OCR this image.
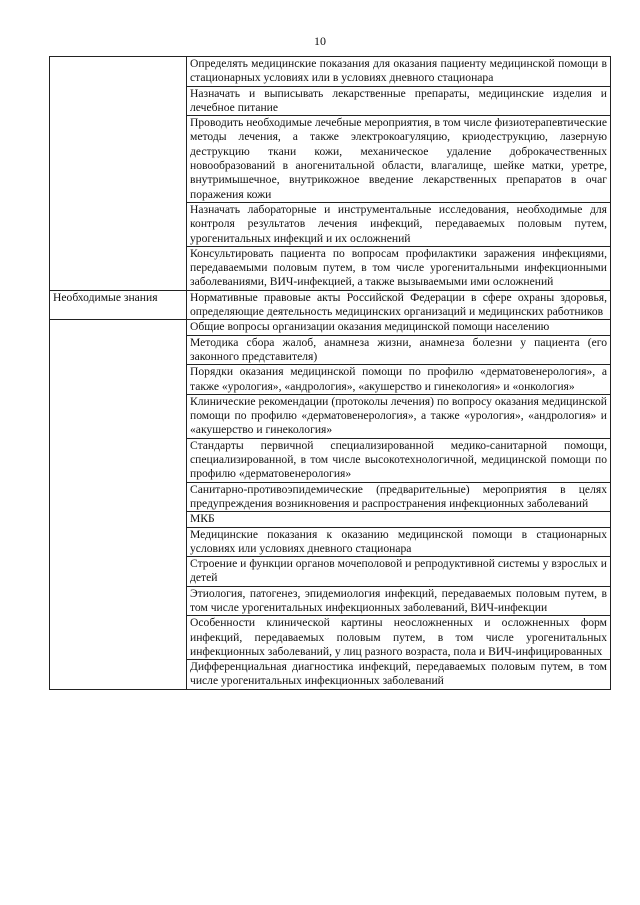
10
	Определять медицинские показания для оказания пациенту медицинской помощи в стационарных условиях или в условиях дневного стационара
	Назначать и выписывать лекарственные препараты, медицинские изделия и лечебное питание
	Проводить необходимые лечебные мероприятия, в том числе физиотерапевтические методы лечения, а также электрокоагуляцию, криодеструкцию, лазерную деструкцию ткани кожи, механическое удаление доброкачественных новообразований в аногенитальной области, влагалище, шейке матки, уретре, внутримышечное, внутрикожное введение лекарственных препаратов в очаг поражения кожи
	Назначать лабораторные и инструментальные исследования, необходимые для контроля результатов лечения инфекций, передаваемых половым путем, урогенитальных инфекций и их осложнений
	Консультировать пациента по вопросам профилактики заражения инфекциями, передаваемыми половым путем, в том числе урогенитальными инфекционными заболеваниями, ВИЧ-инфекцией, а также вызываемыми ими осложнений
Необходимые знания	Нормативные правовые акты Российской Федерации в сфере охраны здоровья, определяющие деятельность медицинских организаций и медицинских работников
	Общие вопросы организации оказания медицинской помощи населению
	Методика сбора жалоб, анамнеза жизни, анамнеза болезни у пациента (его законного представителя)
	Порядки оказания медицинской помощи по профилю «дерматовенерология», а также «урология», «андрология», «акушерство и гинекология» и «онкология»
	Клинические рекомендации (протоколы лечения) по вопросу оказания медицинской помощи по профилю «дерматовенерология», а также «урология», «андрология» и «акушерство и гинекология»
	Стандарты первичной специализированной медико-санитарной помощи, специализированной, в том числе высокотехнологичной, медицинской помощи по профилю «дерматовенерология»
	Санитарно-противоэпидемические (предварительные) мероприятия в целях предупреждения возникновения и распространения инфекционных заболеваний
	МКБ
	Медицинские показания к оказанию медицинской помощи в стационарных условиях или условиях дневного стационара
	Строение и функции органов мочеполовой и репродуктивной системы у взрослых и детей
	Этиология, патогенез, эпидемиология инфекций, передаваемых половым путем, в том числе урогенитальных инфекционных заболеваний, ВИЧ-инфекции
	Особенности клинической картины неосложненных и осложненных форм инфекций, передаваемых половым путем, в том числе урогенитальных инфекционных заболеваний, у лиц разного возраста, пола и ВИЧ-инфицированных
	Дифференциальная диагностика инфекций, передаваемых половым путем, в том числе урогенитальных инфекционных заболеваний
